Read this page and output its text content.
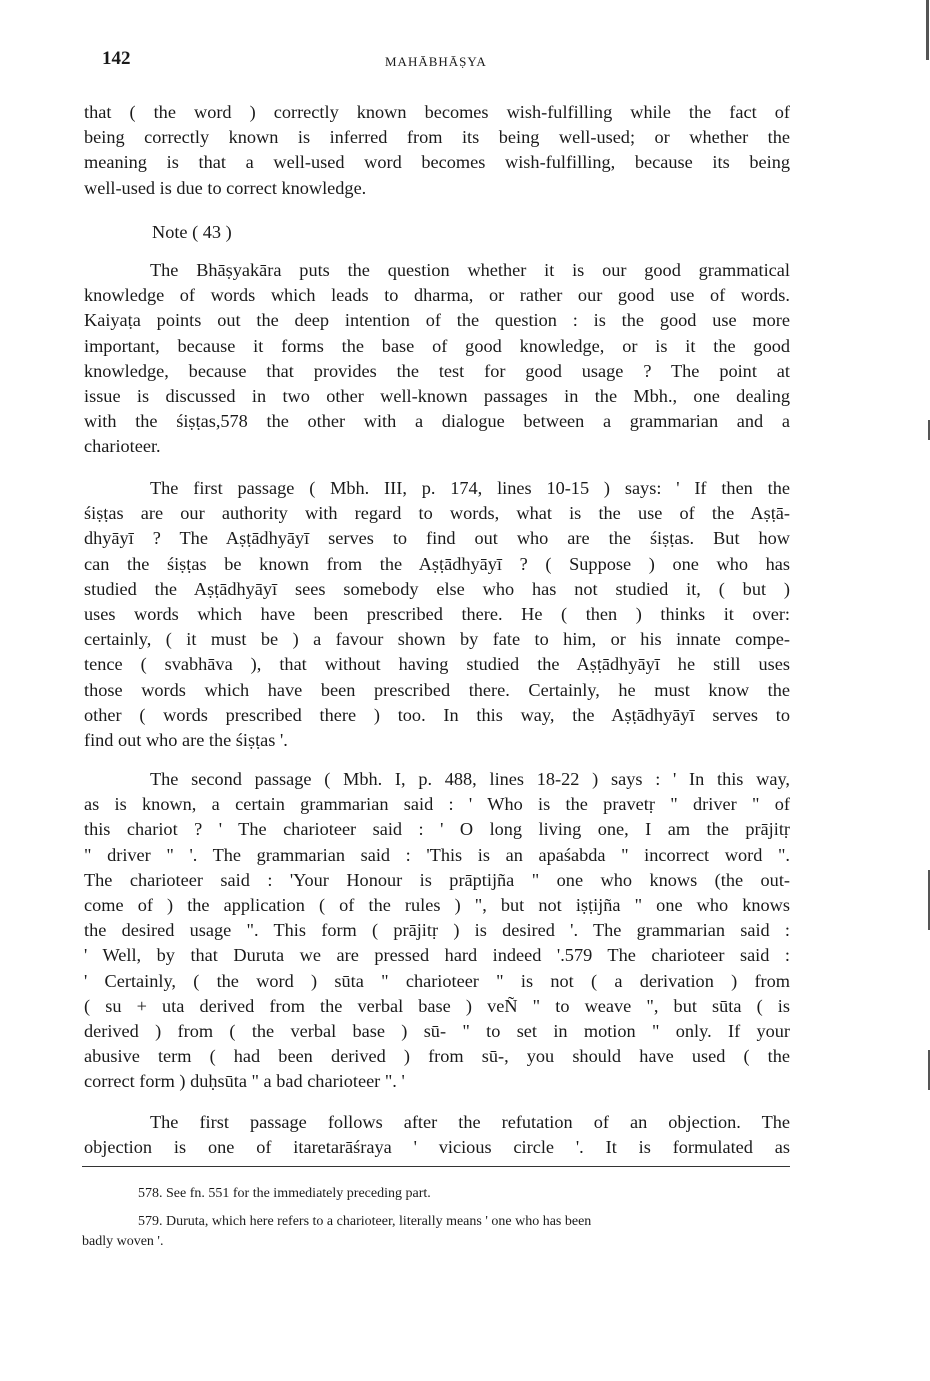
142	MAHĀBHĀṢYA
that ( the word ) correctly known becomes wish-fulfilling while the fact of
being correctly known is inferred from its being well-used; or whether the
meaning is that a well-used word becomes wish-fulfilling, because its being
well-used is due to correct knowledge.
Note ( 43 )
The Bhāṣyakāra puts the question whether it is our good grammatical
knowledge of words which leads to dharma, or rather our good use of words.
Kaiyaṭa points out the deep intention of the question : is the good use more
important, because it forms the base of good knowledge, or is it the good
knowledge, because that provides the test for good usage ? The point at
issue is discussed in two other well-known passages in the Mbh., one dealing
with the śiṣṭas,578 the other with a dialogue between a grammarian and a
charioteer.
The first passage ( Mbh. III, p. 174, lines 10-15 ) says: ' If then the
śiṣṭas are our authority with regard to words, what is the use of the Aṣṭā-
dhyāyī ? The Aṣṭādhyāyī serves to find out who are the śiṣṭas. But how
can the śiṣṭas be known from the Aṣṭādhyāyī ? ( Suppose ) one who has
studied the Aṣṭādhyāyī sees somebody else who has not studied it, ( but )
uses words which have been prescribed there. He ( then ) thinks it over:
certainly, ( it must be ) a favour shown by fate to him, or his innate compe-
tence ( svabhāva ), that without having studied the Aṣṭādhyāyī he still uses
those words which have been prescribed there. Certainly, he must know the
other ( words prescribed there ) too. In this way, the Aṣṭādhyāyī serves to
find out who are the śiṣṭas '.
The second passage ( Mbh. I, p. 488, lines 18-22 ) says : ' In this way,
as is known, a certain grammarian said : ' Who is the pravetṛ " driver " of
this chariot ? ' The charioteer said : ' O long living one, I am the prājitṛ
" driver " '. The grammarian said : 'This is an apaśabda " incorrect word ".
The charioteer said : 'Your Honour is prāptijña " one who knows (the out-
come of ) the application ( of the rules ) ", but not iṣṭijña " one who knows
the desired usage ". This form ( prājitṛ ) is desired '. The grammarian said :
' Well, by that Duruta we are pressed hard indeed '.579 The charioteer said :
' Certainly, ( the word ) sūta " charioteer " is not ( a derivation ) from
( su + uta derived from the verbal base ) veÑ " to weave ", but sūta ( is
derived ) from ( the verbal base ) sū- " to set in motion " only. If your
abusive term ( had been derived ) from sū-, you should have used ( the
correct form ) duḥsūta " a bad charioteer ". '
The first passage follows after the refutation of an objection. The
objection is one of itaretarāśraya ' vicious circle '. It is formulated as

578. See fn. 551 for the immediately preceding part.

579. Duruta, which here refers to a charioteer, literally means ' one who has been

badly woven '.
